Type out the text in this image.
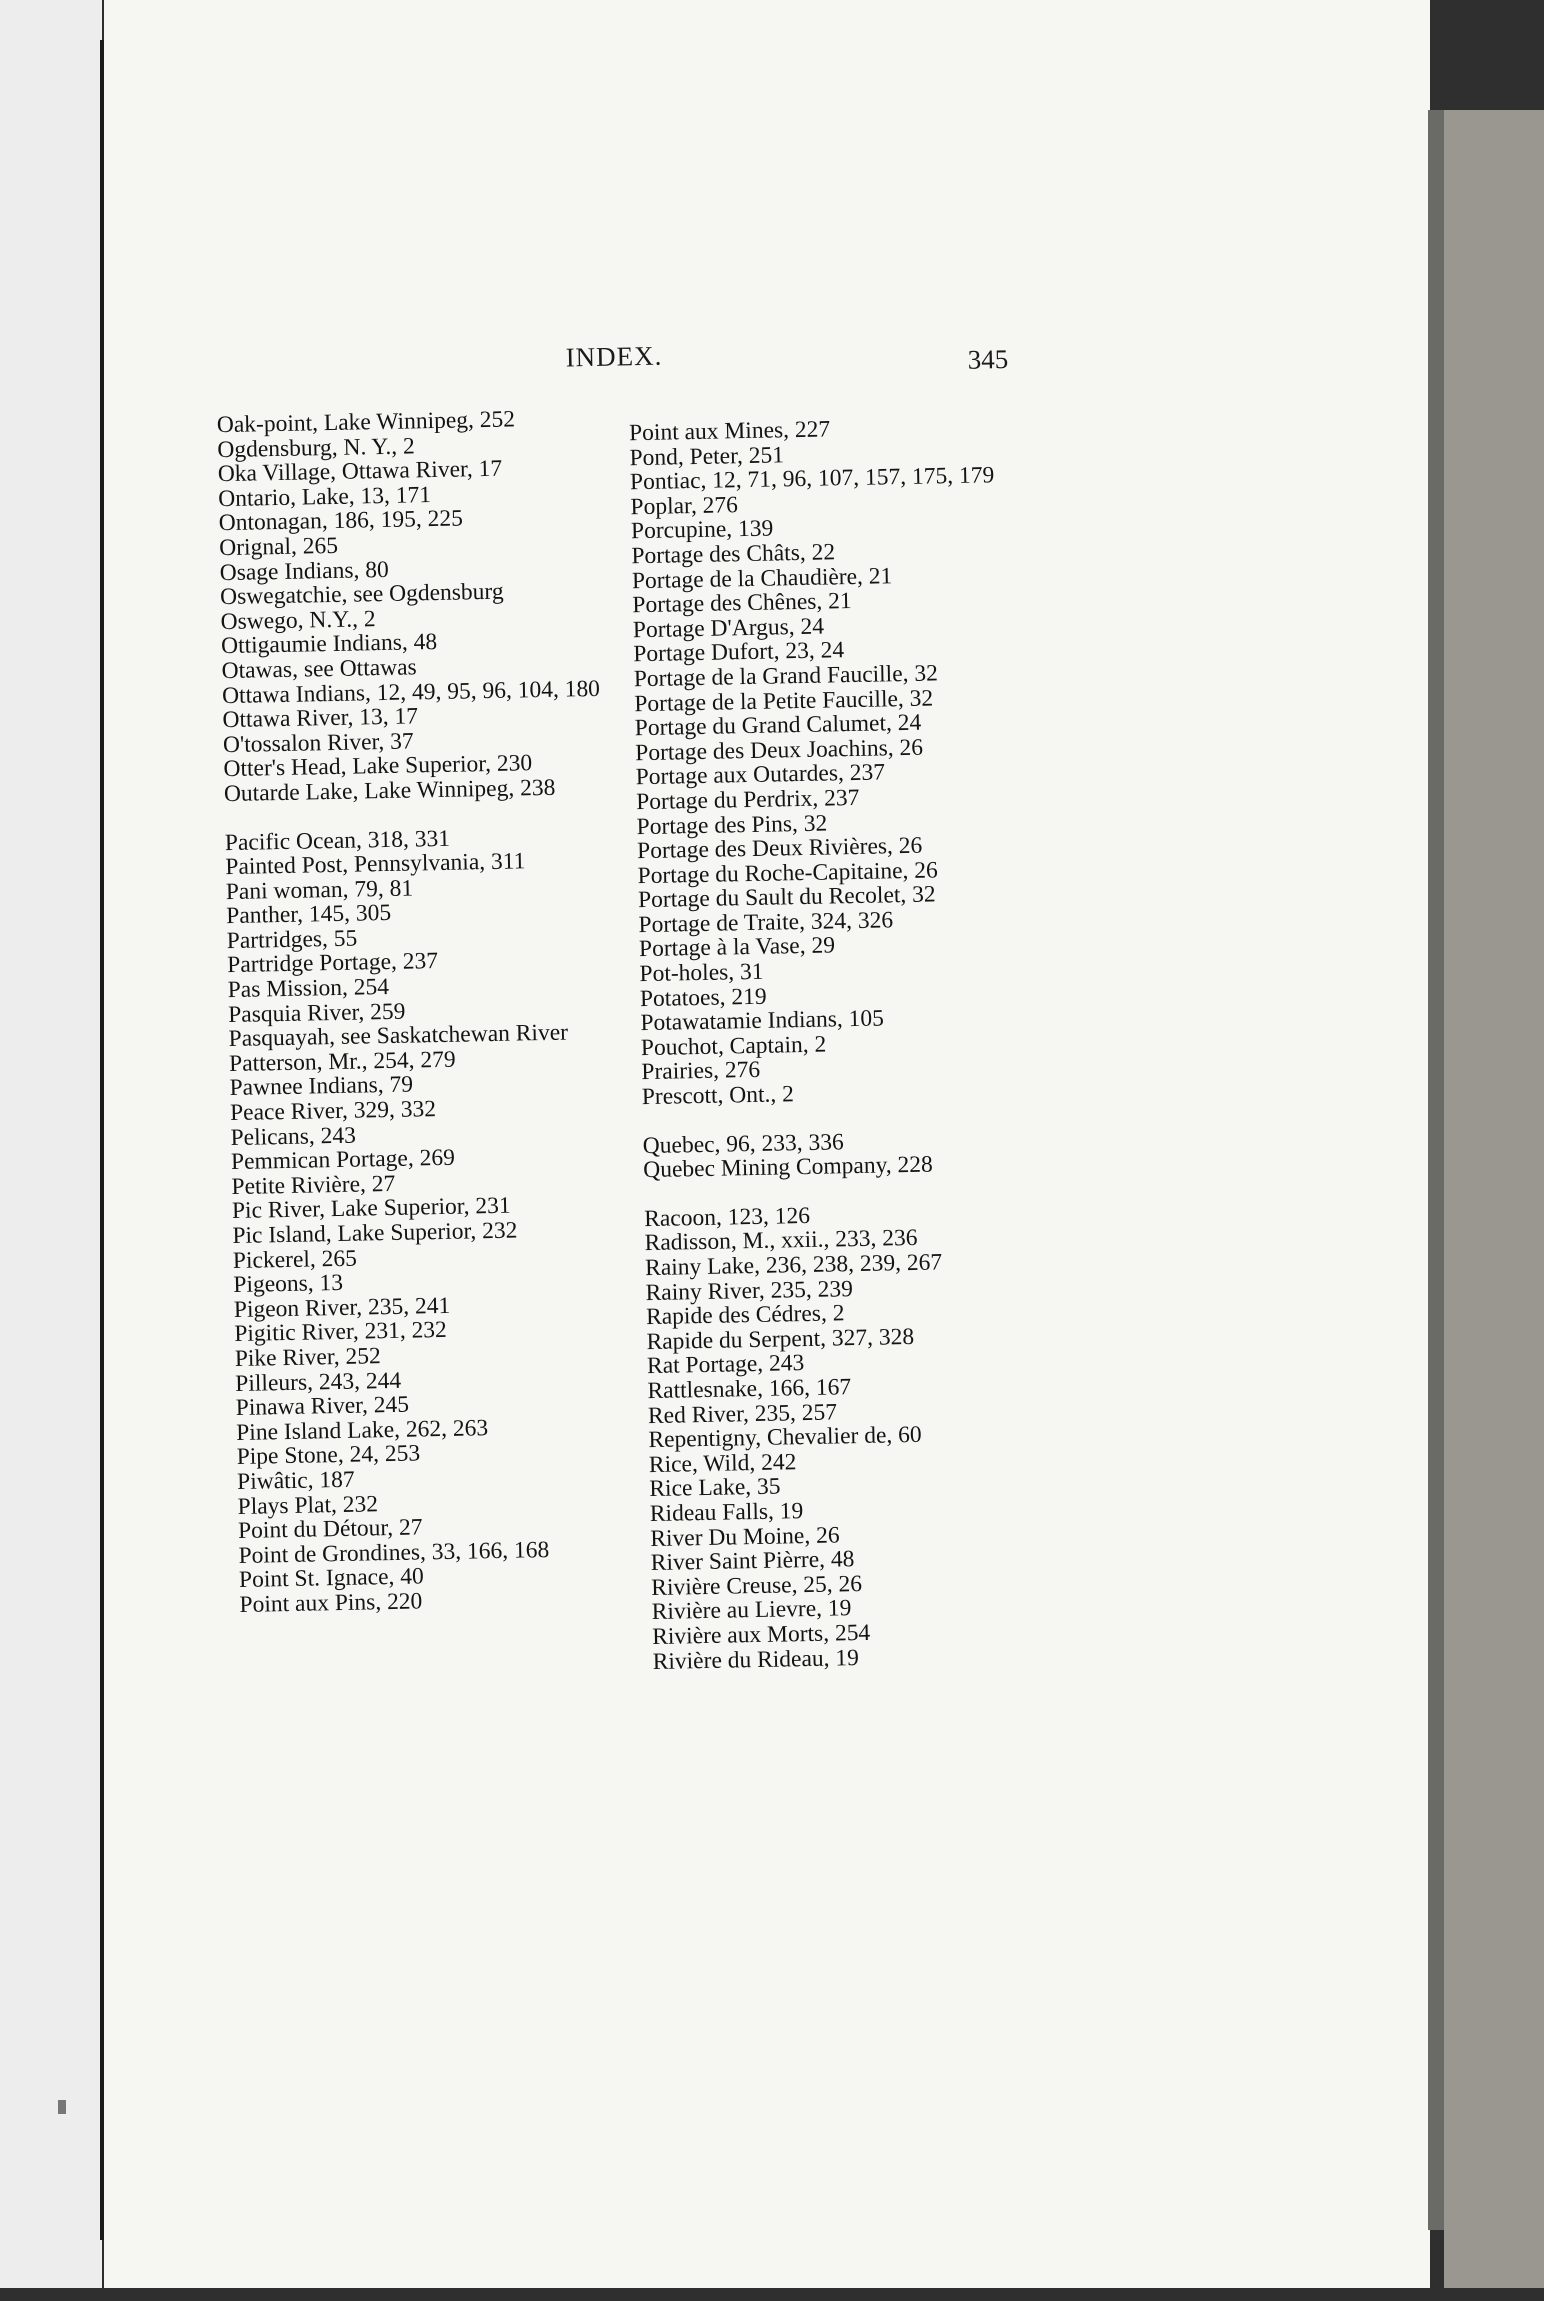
INDEX.	345

Oak-point, Lake Winnipeg, 252

Ogdensburg, N. Y., 2

Oka Village, Ottawa River, 17

Ontario, Lake, 13, 171

Ontonagan, 186, 195, 225

Orignal, 265

Osage Indians, 80

Oswegatchie, see Ogdensburg

Oswego, N.Y., 2

Ottigaumie Indians, 48

Otawas, see Ottawas

Ottawa Indians, 12, 49, 95, 96, 104, 180

Ottawa River, 13, 17

O'tossalon River, 37

Otter's Head, Lake Superior, 230

Outarde Lake, Lake Winnipeg, 238

Pacific Ocean, 318, 331

Painted Post, Pennsylvania, 311

Pani woman, 79, 81

Panther, 145, 305

Partridges, 55

Partridge Portage, 237

Pas Mission, 254

Pasquia River, 259

Pasquayah, see Saskatchewan River

Patterson, Mr., 254, 279

Pawnee Indians, 79

Peace River, 329, 332

Pelicans, 243

Pemmican Portage, 269

Petite Rivière, 27

Pic River, Lake Superior, 231

Pic Island, Lake Superior, 232

Pickerel, 265

Pigeons, 13

Pigeon River, 235, 241

Pigitic River, 231, 232

Pike River, 252

Pilleurs, 243, 244

Pinawa River, 245

Pine Island Lake, 262, 263

Pipe Stone, 24, 253

Piwâtic, 187

Plays Plat, 232

Point du Détour, 27

Point de Grondines, 33, 166, 168

Point St. Ignace, 40

Point aux Pins, 220

Point aux Mines, 227

Pond, Peter, 251

Pontiac, 12, 71, 96, 107, 157, 175, 179

Poplar, 276

Porcupine, 139

Portage des Châts, 22

Portage de la Chaudière, 21

Portage des Chênes, 21

Portage D'Argus, 24

Portage Dufort, 23, 24

Portage de la Grand Faucille, 32

Portage de la Petite Faucille, 32

Portage du Grand Calumet, 24

Portage des Deux Joachins, 26

Portage aux Outardes, 237

Portage du Perdrix, 237

Portage des Pins, 32

Portage des Deux Rivières, 26

Portage du Roche-Capitaine, 26

Portage du Sault du Recolet, 32

Portage de Traite, 324, 326

Portage à la Vase, 29

Pot-holes, 31

Potatoes, 219

Potawatamie Indians, 105

Pouchot, Captain, 2

Prairies, 276

Prescott, Ont., 2

Quebec, 96, 233, 336

Quebec Mining Company, 228

Racoon, 123, 126

Radisson, M., xxii., 233, 236

Rainy Lake, 236, 238, 239, 267

Rainy River, 235, 239

Rapide des Cédres, 2

Rapide du Serpent, 327, 328

Rat Portage, 243

Rattlesnake, 166, 167

Red River, 235, 257

Repentigny, Chevalier de, 60

Rice, Wild, 242

Rice Lake, 35

Rideau Falls, 19

River Du Moine, 26

River Saint Pièrre, 48

Rivière Creuse, 25, 26

Rivière au Lievre, 19

Rivière aux Morts, 254

Rivière du Rideau, 19
